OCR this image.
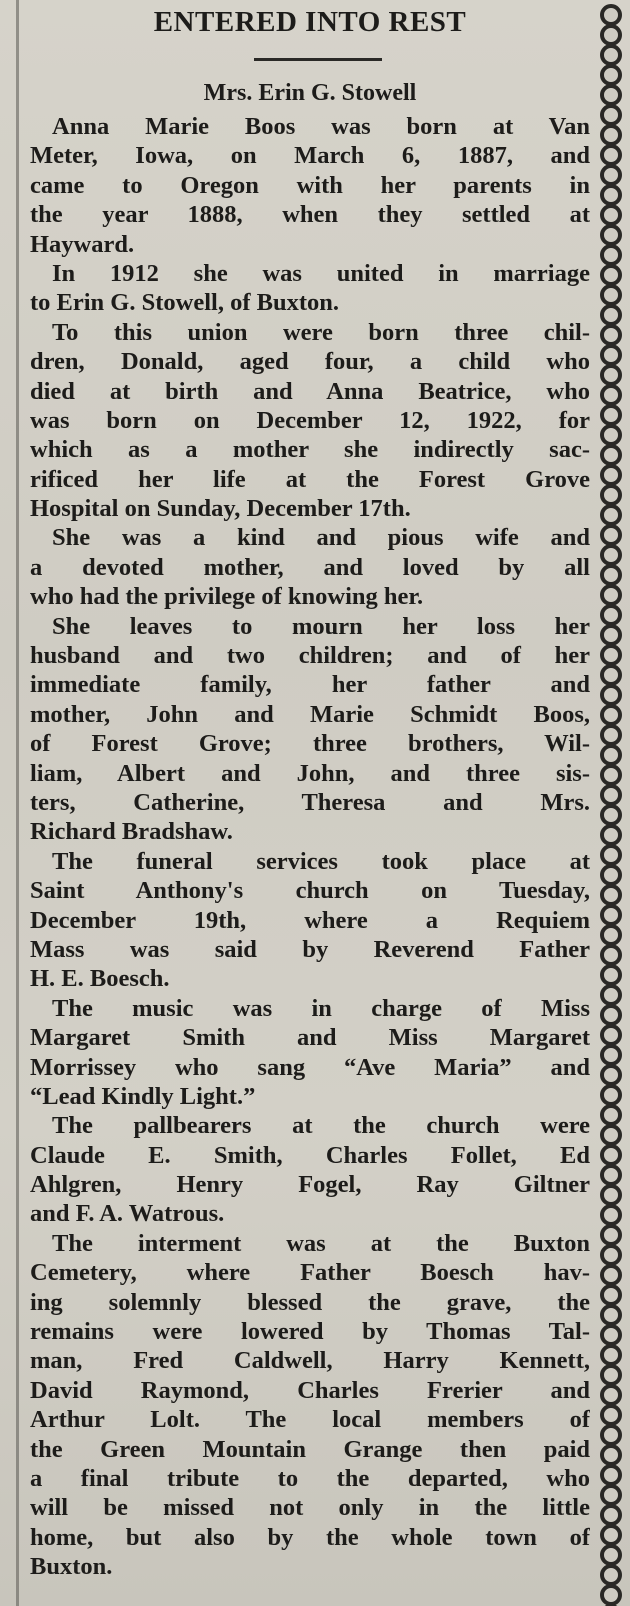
ENTERED INTO REST
Mrs. Erin G. Stowell
Anna Marie Boos was born at Van
Meter, Iowa, on March 6, 1887, and
came to Oregon with her parents in
the year 1888, when they settled at
Hayward.
In 1912 she was united in marriage
to Erin G. Stowell, of Buxton.
To this union were born three chil-
dren, Donald, aged four, a child who
died at birth and Anna Beatrice, who
was born on December 12, 1922, for
which as a mother she indirectly sac-
rificed her life at the Forest Grove
Hospital on Sunday, December 17th.
She was a kind and pious wife and
a devoted mother, and loved by all
who had the privilege of knowing her.
She leaves to mourn her loss her
husband and two children; and of her
immediate family, her father and
mother, John and Marie Schmidt Boos,
of Forest Grove; three brothers, Wil-
liam, Albert and John, and three sis-
ters, Catherine, Theresa and Mrs.
Richard Bradshaw.
The funeral services took place at
Saint Anthony's church on Tuesday,
December 19th, where a Requiem
Mass was said by Reverend Father
H. E. Boesch.
The music was in charge of Miss
Margaret Smith and Miss Margaret
Morrissey who sang “Ave Maria” and
“Lead Kindly Light.”
The pallbearers at the church were
Claude E. Smith, Charles Follet, Ed
Ahlgren, Henry Fogel, Ray Giltner
and F. A. Watrous.
The interment was at the Buxton
Cemetery, where Father Boesch hav-
ing solemnly blessed the grave, the
remains were lowered by Thomas Tal-
man, Fred Caldwell, Harry Kennett,
David Raymond, Charles Frerier and
Arthur Lolt. The local members of
the Green Mountain Grange then paid
a final tribute to the departed, who
will be missed not only in the little
home, but also by the whole town of
Buxton.
